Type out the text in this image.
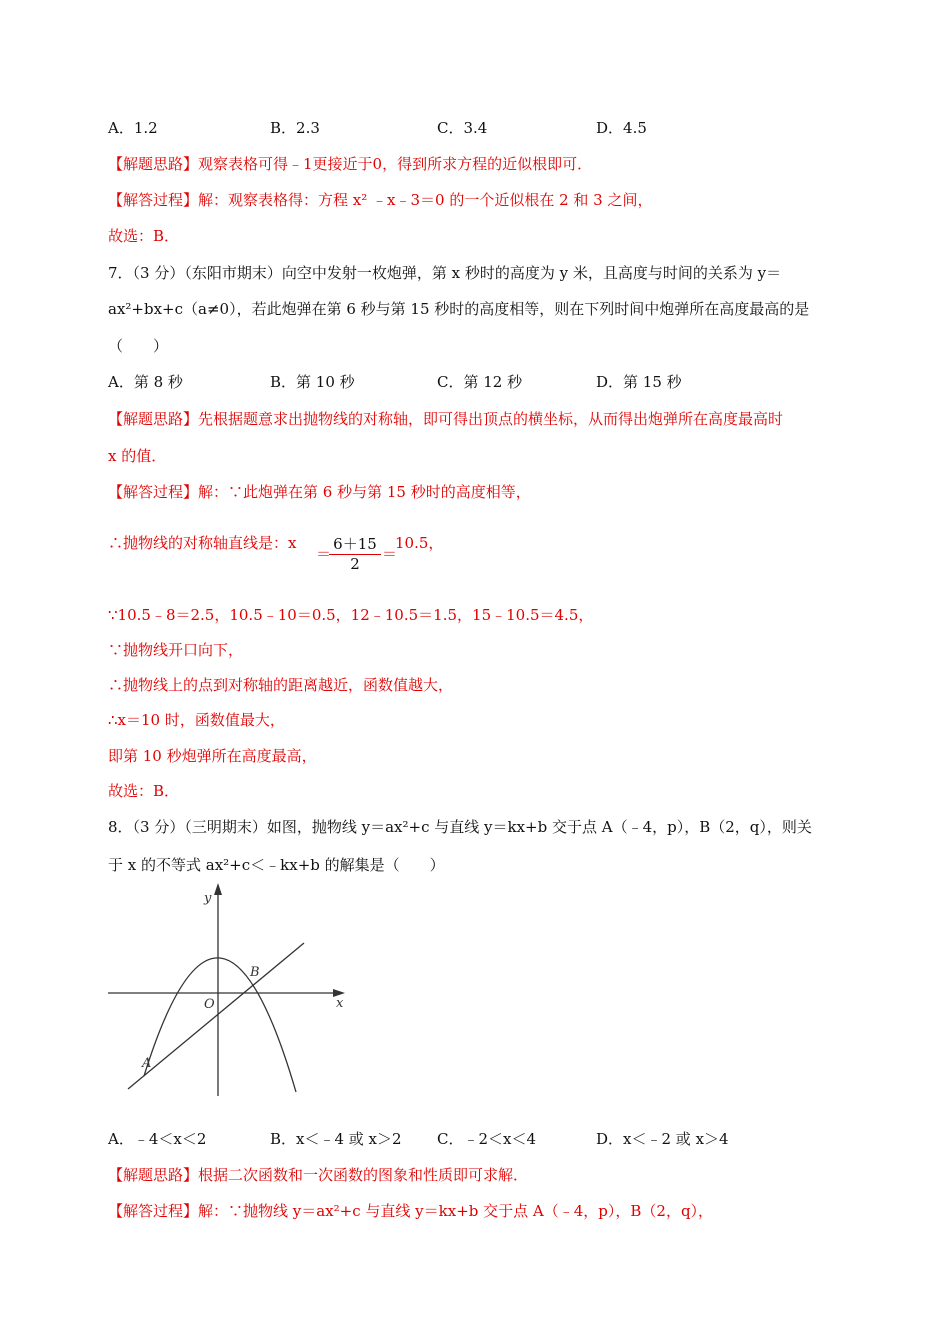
A．1.2	B．2.3	C．3.4	D．4.5
【解题思路】观察表格可得﹣1更接近于0，得到所求方程的近似根即可．
【解答过程】解：观察表格得：方程 x² ﹣x﹣3＝0 的一个近似根在 2 和 3 之间，
故选：B．
7．（3 分）（东阳市期末）向空中发射一枚炮弹，第 x 秒时的高度为 y 米，且高度与时间的关系为 y＝
ax²+bx+c（a≠0），若此炮弹在第 6 秒与第 15 秒时的高度相等，则在下列时间中炮弹所在高度最高的是
（　　）
A．第 8 秒	B．第 10 秒	C．第 12 秒	D．第 15 秒
【解题思路】先根据题意求出抛物线的对称轴，即可得出顶点的横坐标，从而得出炮弹所在高度最高时
x 的值．
【解答过程】解：∵此炮弹在第 6 秒与第 15 秒时的高度相等，
∴抛物线的对称轴直线是：x
＝
$\frac{6+15}{2}$ ＝
10.5，
∵10.5﹣8＝2.5，10.5﹣10＝0.5，12﹣10.5＝1.5，15﹣10.5＝4.5，
∵抛物线开口向下，
∴抛物线上的点到对称轴的距离越近，函数值越大，
∴x＝10 时，函数值最大，
即第 10 秒炮弹所在高度最高，
故选：B．
8．（3 分）（三明期末）如图，抛物线 y＝ax²+c 与直线 y＝kx+b 交于点 A（﹣4，p），B（2，q），则关
于 x 的不等式 ax²+c＜﹣kx+b 的解集是（　　）
x
y
O
A
B
A．﹣4＜x＜2	B．x＜﹣4 或 x＞2 C．﹣2＜x＜4	D．x＜﹣2 或 x＞4
【解题思路】根据二次函数和一次函数的图象和性质即可求解．
【解答过程】解：∵抛物线 y＝ax²+c 与直线 y＝kx+b 交于点 A（﹣4，p），B（2，q），
